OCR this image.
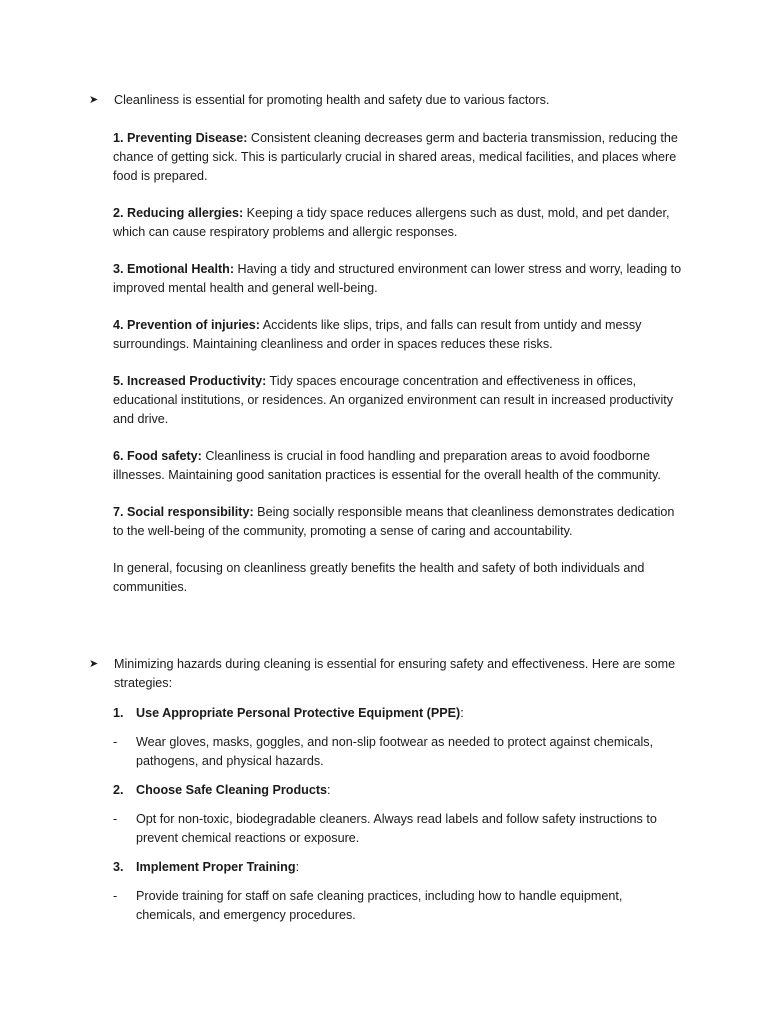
➤	Cleanliness is essential for promoting health and safety due to various factors.

1. Preventing Disease: Consistent cleaning decreases germ and bacteria transmission, reducing the chance of getting sick. This is particularly crucial in shared areas, medical facilities, and places where food is prepared.

2. Reducing allergies: Keeping a tidy space reduces allergens such as dust, mold, and pet dander, which can cause respiratory problems and allergic responses.

3. Emotional Health: Having a tidy and structured environment can lower stress and worry, leading to improved mental health and general well-being.

4. Prevention of injuries: Accidents like slips, trips, and falls can result from untidy and messy surroundings. Maintaining cleanliness and order in spaces reduces these risks.

5. Increased Productivity: Tidy spaces encourage concentration and effectiveness in offices, educational institutions, or residences. An organized environment can result in increased productivity and drive.

6. Food safety: Cleanliness is crucial in food handling and preparation areas to avoid foodborne illnesses. Maintaining good sanitation practices is essential for the overall health of the community.

7. Social responsibility: Being socially responsible means that cleanliness demonstrates dedication to the well-being of the community, promoting a sense of caring and accountability.

In general, focusing on cleanliness greatly benefits the health and safety of both individuals and communities.

➤	Minimizing hazards during cleaning is essential for ensuring safety and effectiveness. Here are some strategies:
1. Use Appropriate Personal Protective Equipment (PPE):
-	Wear gloves, masks, goggles, and non-slip footwear as needed to protect against chemicals, pathogens, and physical hazards.
2. Choose Safe Cleaning Products:
-	Opt for non-toxic, biodegradable cleaners. Always read labels and follow safety instructions to prevent chemical reactions or exposure.
3. Implement Proper Training:
-	Provide training for staff on safe cleaning practices, including how to handle equipment, chemicals, and emergency procedures.
